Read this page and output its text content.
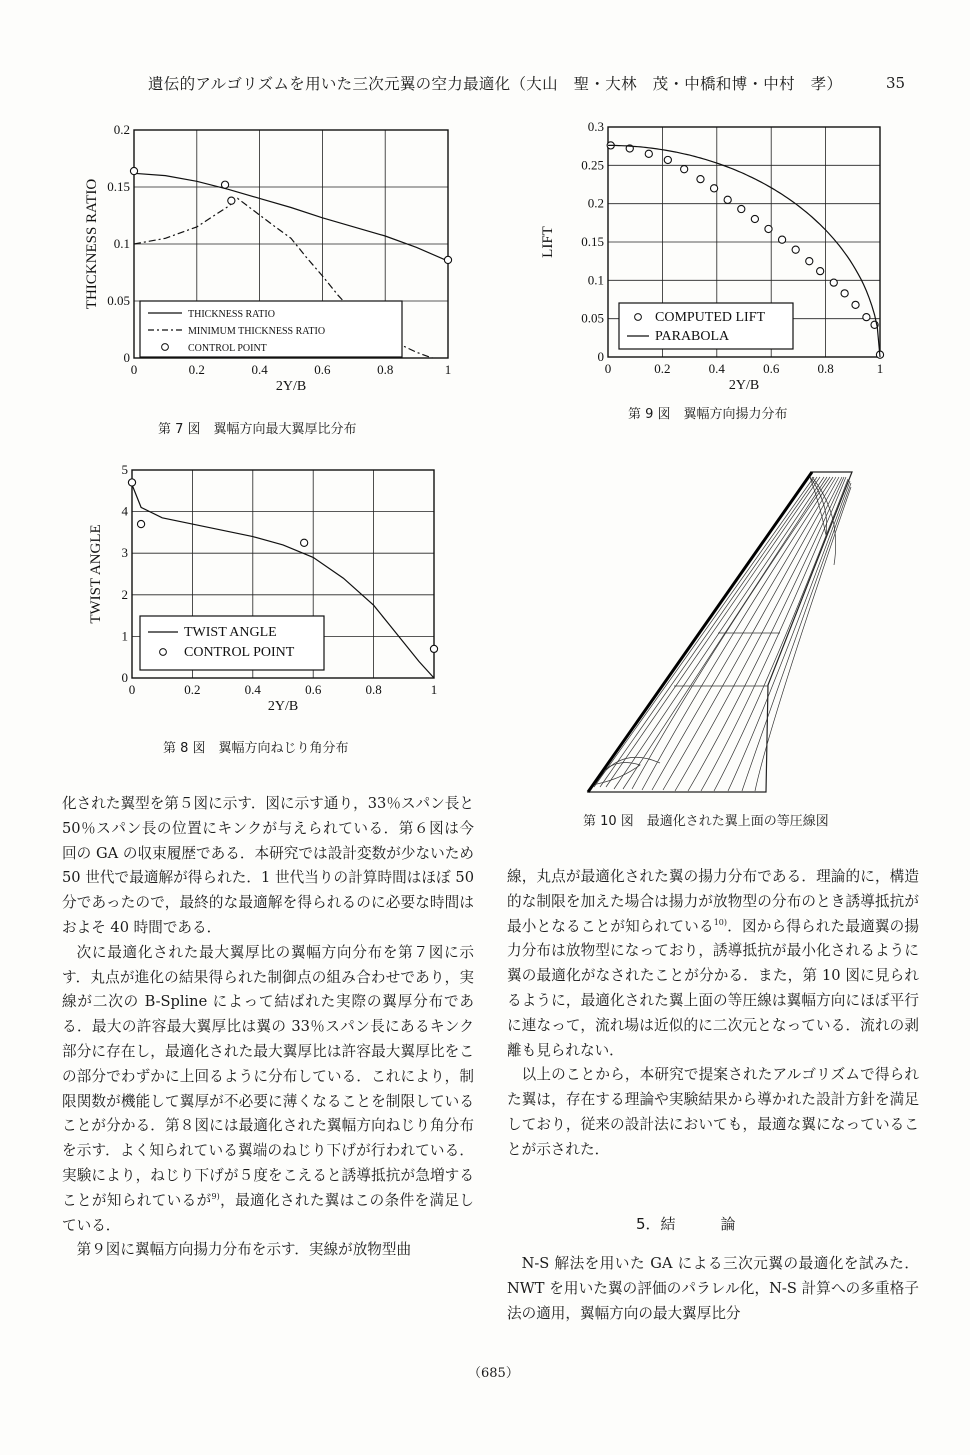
遺伝的アルゴリズムを用いた三次元翼の空力最適化（大山　聖・大林　茂・中橋和博・中村　孝）	35
0	0.2	0.4	0.6	0.8	1
0
0.05
0.1
0.15
0.2
2Y/B
THICKNESS RATIO
THICKNESS RATIO
MINIMUM THICKNESS RATIO
CONTROL POINT
第 7 図　翼幅方向最大翼厚比分布
0	0.2	0.4	0.6	0.8	1
0
0.05
0.1
0.15
0.2
0.25
0.3
2Y/B
LIFT
COMPUTED LIFT
PARABOLA
第 9 図　翼幅方向揚力分布
0	0.2	0.4	0.6	0.8	1
0
1
2
3
4
5
2Y/B
TWIST ANGLE
TWIST ANGLE
CONTROL POINT
第 8 図　翼幅方向ねじり角分布
第 10 図　最適化された翼上面の等圧線図

化された翼型を第５図に示す．図に示す通り，33％スパン長と 50％スパン長の位置にキンクが与えられている．第６図は今回の GA の収束履歴である．本研究では設計変数が少ないため 50 世代で最適解が得られた．1 世代当りの計算時間はほぼ 50 分であったので，最終的な最適解を得られるのに必要な時間はおよそ 40 時間である．

次に最適化された最大翼厚比の翼幅方向分布を第７図に示す．丸点が進化の結果得られた制御点の組み合わせであり，実線が二次の B-Spline によって結ばれた実際の翼厚分布である．最大の許容最大翼厚比は翼の 33％スパン長にあるキンク部分に存在し，最適化された最大翼厚比は許容最大翼厚比をこの部分でわずかに上回るように分布している．これにより，制限関数が機能して翼厚が不必要に薄くなることを制限していることが分かる．第８図には最適化された翼幅方向ねじり角分布を示す．よく知られている翼端のねじり下げが行われている．実験により，ねじり下げが５度をこえると誘導抵抗が急増することが知られているが$^{9)}$，最適化された翼はこの条件を満足している．

第９図に翼幅方向揚力分布を示す．実線が放物型曲

線，丸点が最適化された翼の揚力分布である．理論的に，構造的な制限を加えた場合は揚力が放物型の分布のとき誘導抵抗が最小となることが知られている$^{10)}$．図から得られた最適翼の揚力分布は放物型になっており，誘導抵抗が最小化されるように翼の最適化がなされたことが分かる．また，第 10 図に見られるように，最適化された翼上面の等圧線は翼幅方向にほぼ平行に連なって，流れ場は近似的に二次元となっている．流れの剥離も見られない．

以上のことから，本研究で提案されたアルゴリズムで得られた翼は，存在する理論や実験結果から導かれた設計方針を満足しており，従来の設計法においても，最適な翼になっていることが示された．

5．結　　　論

N-S 解法を用いた GA による三次元翼の最適化を試みた．NWT を用いた翼の評価のパラレル化，N-S 計算への多重格子法の適用，翼幅方向の最大翼厚比分

（685）
